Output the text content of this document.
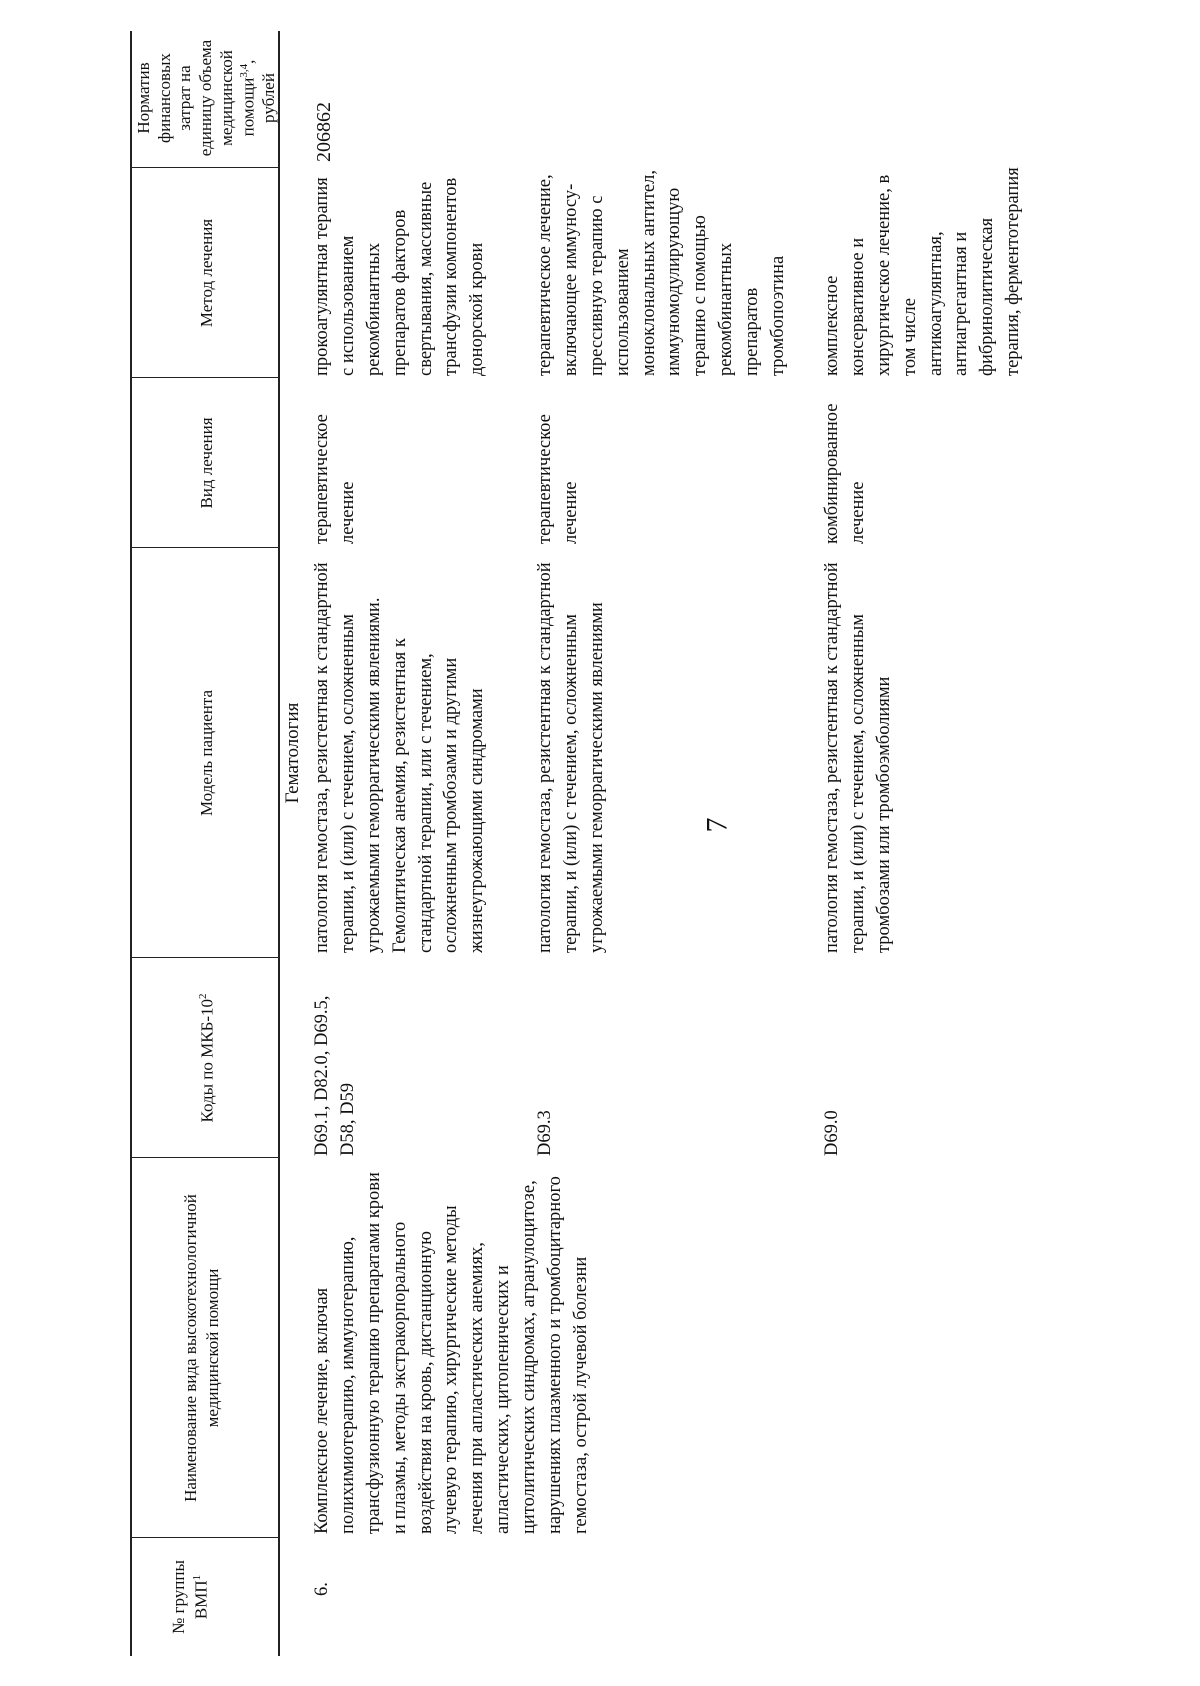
7
№ группы ВМП$^1$
Наименование вида высокотехнологичной медицинской помощи
Коды по МКБ-$10^2$
Модель пациента
Вид лечения
Метод лечения
Норматив финансовых затрат на единицу объема медицинской помощи$^{3,4}$, рублей
Гематология
6.
Комплексное лечение, включая полихимиотерапию, иммунотерапию, трансфузионную терапию препаратами крови и плазмы, методы экстракорпорального воздействия на кровь, дистанционную лучевую терапию, хирургические методы лечения при апластических анемиях, апластических, цитопенических и цитолитических синдромах, агранулоцитозе, нарушениях плазменного и тромбоцитарного гемостаза, острой лучевой болезни
206862
D69.1, D82.0, D69.5, D58, D59
патология гемостаза, резистентная к стандартной терапии, и (или) с течением, осложненным угрожаемыми геморрагическими явлениями. Гемолитическая анемия, резистентная к стандартной терапии, или с течением, осложненным тромбозами и другими жизнеугрожающими синдромами
терапевтическое лечение
прокоагулянтная терапия с использованием рекомбинантных препаратов факторов свертывания, массивные трансфузии компонентов донорской крови
D69.3
патология гемостаза, резистентная к стандартной терапии, и (или) с течением, осложненным угрожаемыми геморрагическими явлениями
терапевтическое лечение
терапевтическое лечение, включающее иммуносу-прессивную терапию с использованием моноклональных антител, иммуномодулирующую терапию с помощью рекомбинантных препаратов тромбопоэтина
D69.0
патология гемостаза, резистентная к стандартной терапии, и (или) с течением, осложненным тромбозами или тромбоэмболиями
комбинированное лечение
комплексное консервативное и хирургическое лечение, в том числе антикоагулянтная, антиагрегантная и фибринолитическая терапия, ферментотерапия
